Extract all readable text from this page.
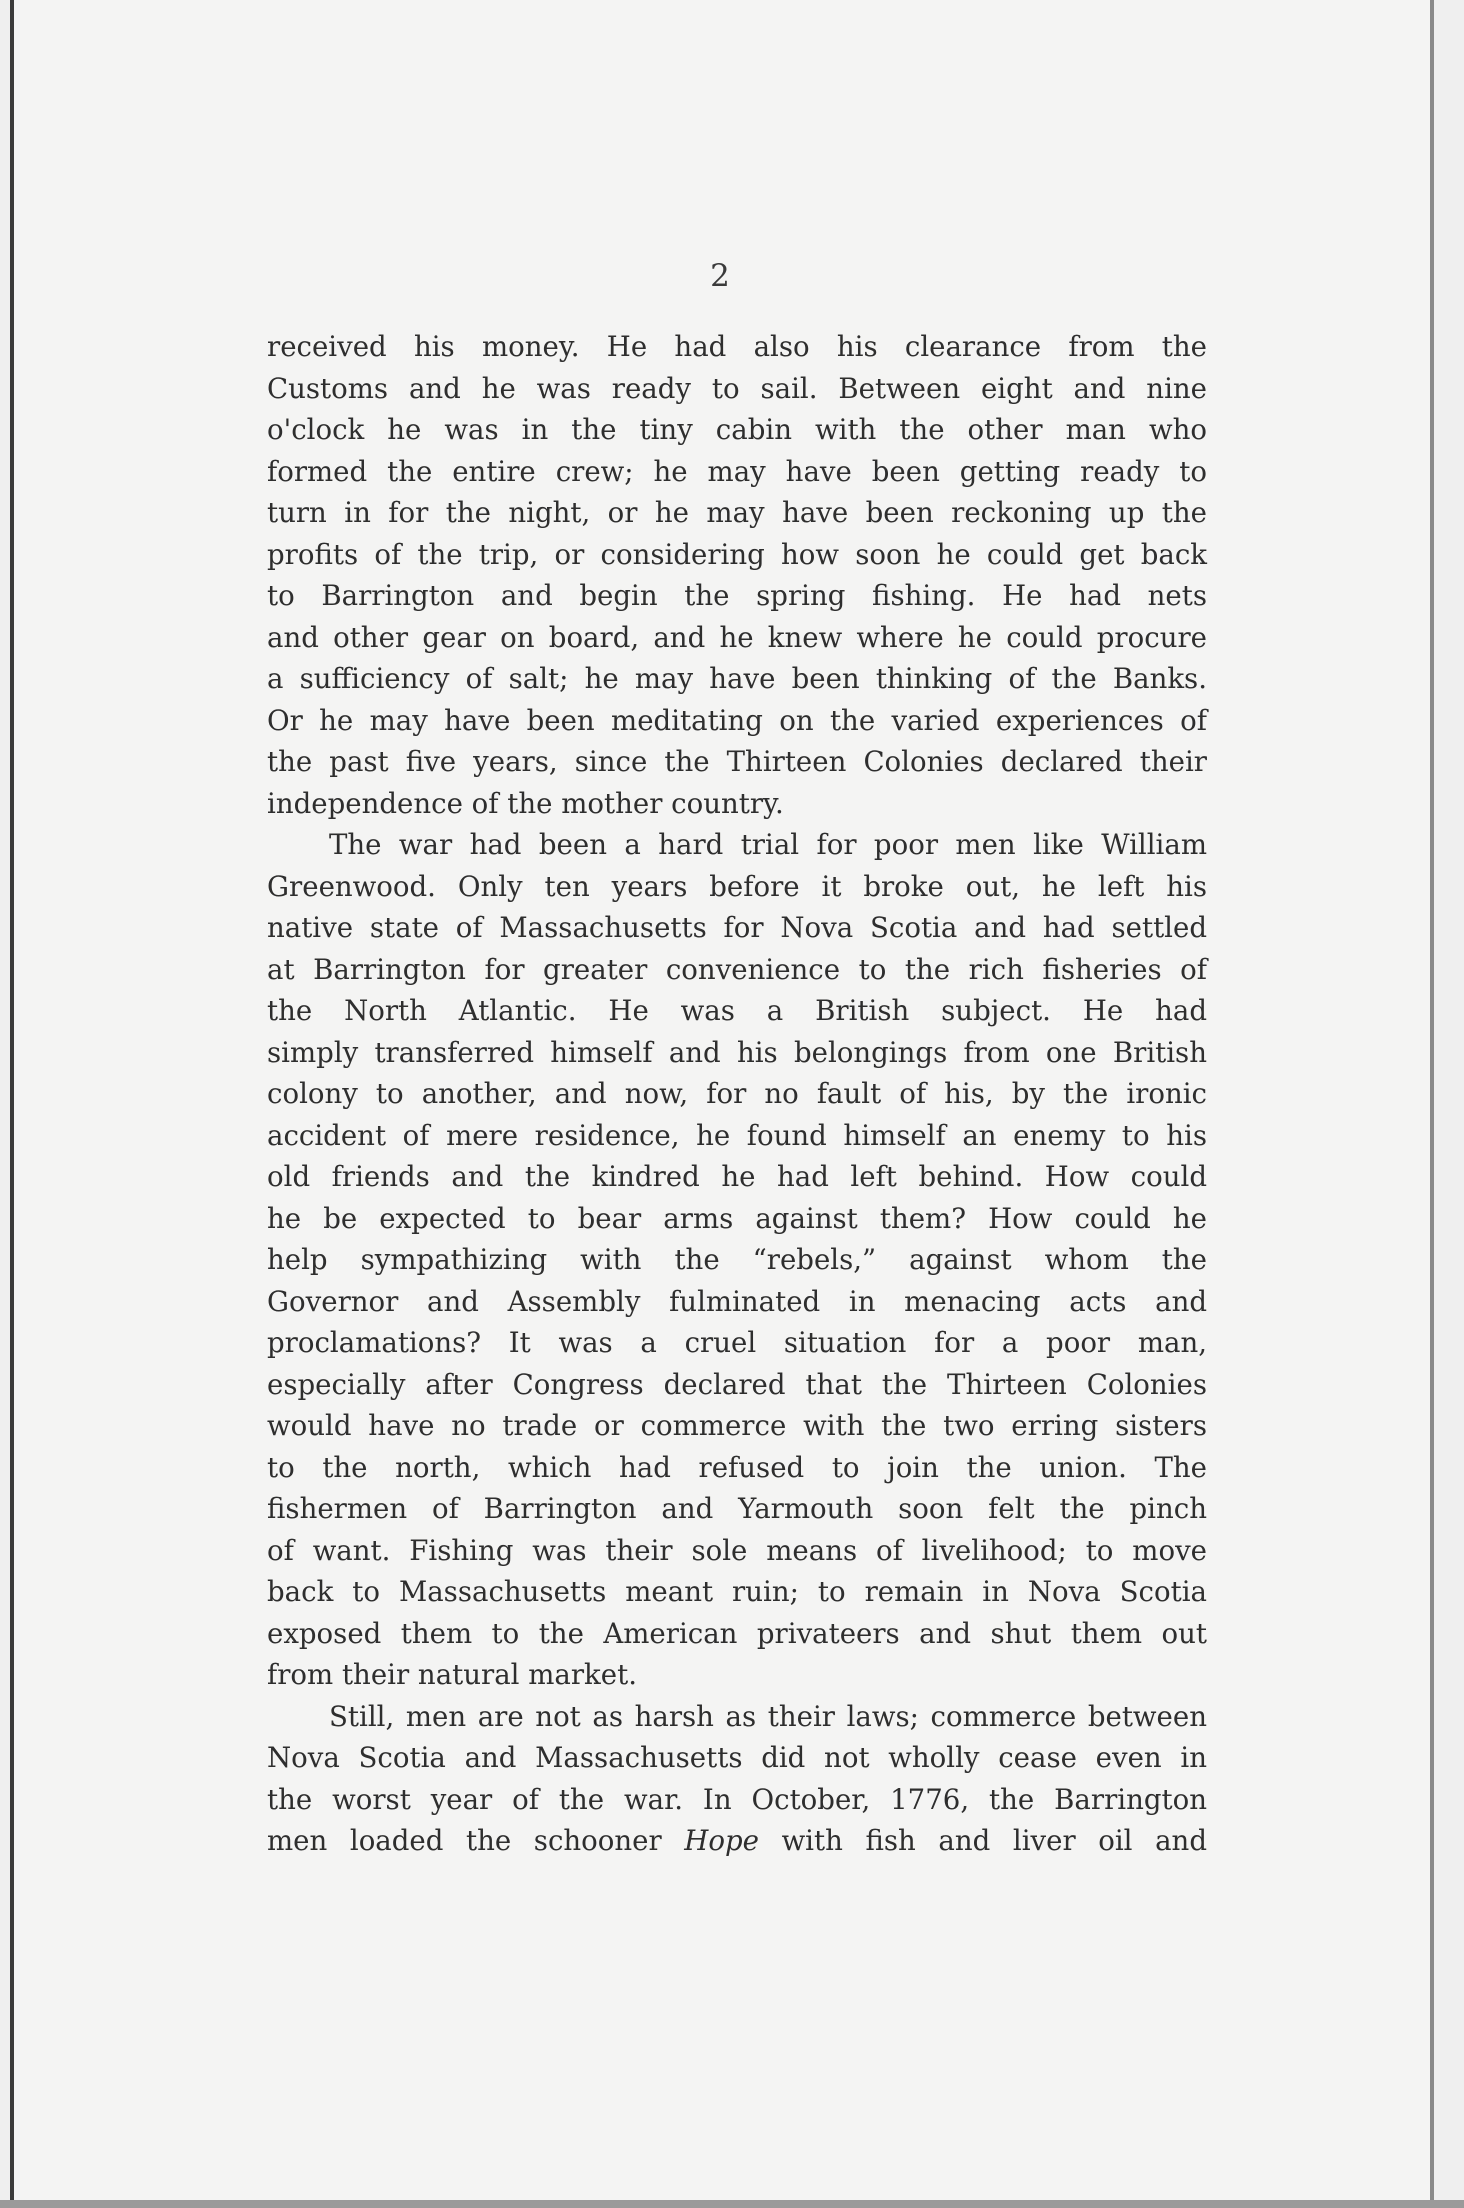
2
received his money. He had also his clearance from the
Customs and he was ready to sail. Between eight and nine
o'clock he was in the tiny cabin with the other man who
formed the entire crew; he may have been getting ready to
turn in for the night, or he may have been reckoning up the
profits of the trip, or considering how soon he could get back
to Barrington and begin the spring fishing. He had nets
and other gear on board, and he knew where he could procure
a sufficiency of salt; he may have been thinking of the Banks.
Or he may have been meditating on the varied experiences of
the past five years, since the Thirteen Colonies declared their
independence of the mother country.
The war had been a hard trial for poor men like William
Greenwood. Only ten years before it broke out, he left his
native state of Massachusetts for Nova Scotia and had settled
at Barrington for greater convenience to the rich fisheries of
the North Atlantic. He was a British subject. He had
simply transferred himself and his belongings from one British
colony to another, and now, for no fault of his, by the ironic
accident of mere residence, he found himself an enemy to his
old friends and the kindred he had left behind. How could
he be expected to bear arms against them? How could he
help sympathizing with the “rebels,” against whom the
Governor and Assembly fulminated in menacing acts and
proclamations? It was a cruel situation for a poor man,
especially after Congress declared that the Thirteen Colonies
would have no trade or commerce with the two erring sisters
to the north, which had refused to join the union. The
fishermen of Barrington and Yarmouth soon felt the pinch
of want. Fishing was their sole means of livelihood; to move
back to Massachusetts meant ruin; to remain in Nova Scotia
exposed them to the American privateers and shut them out
from their natural market.
Still, men are not as harsh as their laws; commerce between
Nova Scotia and Massachusetts did not wholly cease even in
the worst year of the war. In October, 1776, the Barrington
men loaded the schooner Hope with fish and liver oil and
